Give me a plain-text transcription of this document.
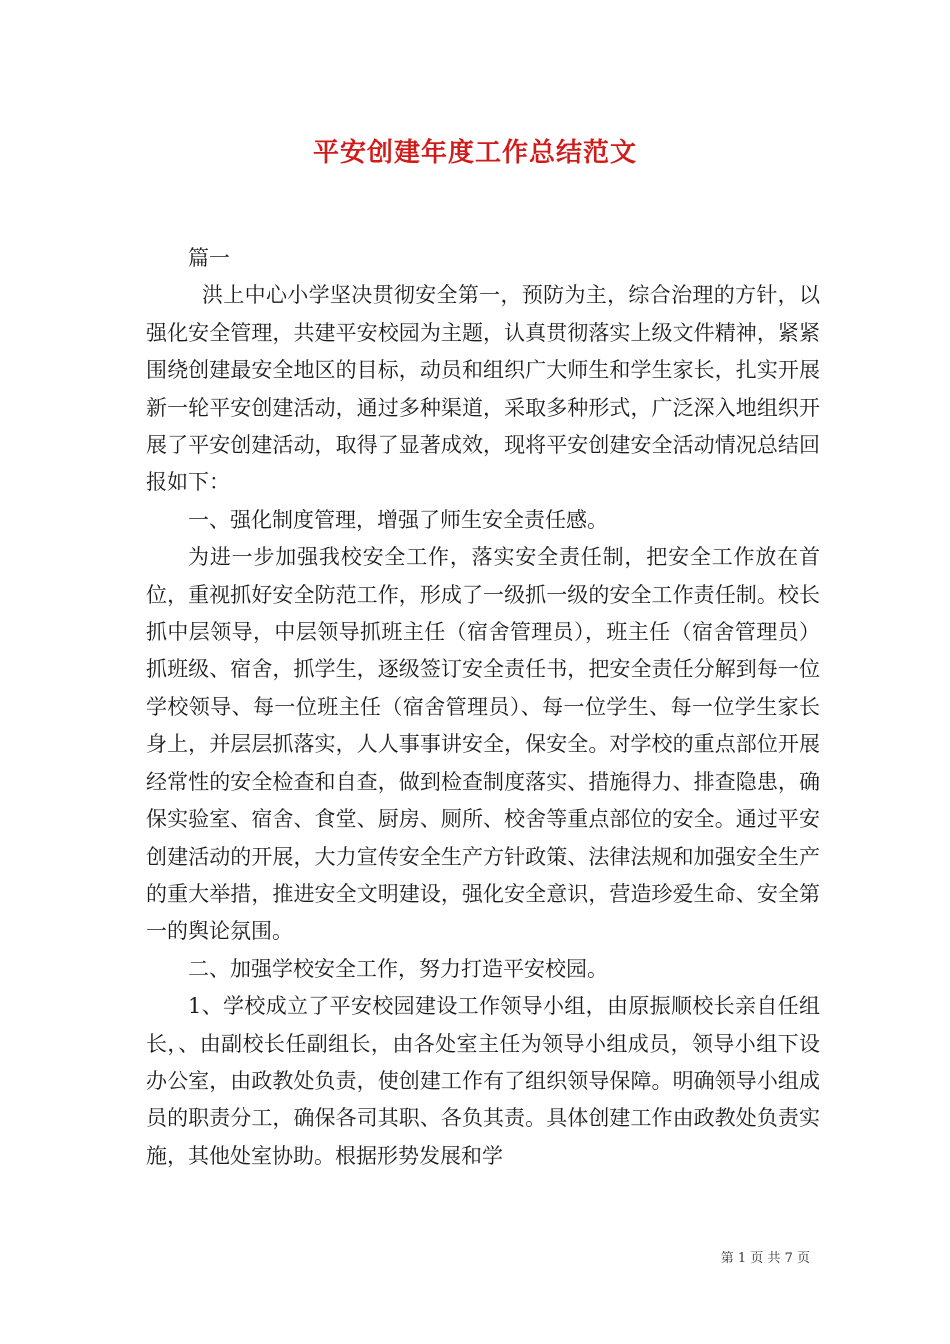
平安创建年度工作总结范文

篇一

洪上中心小学坚决贯彻安全第一，预防为主，综合治理的方针，以强化安全管理，共建平安校园为主题，认真贯彻落实上级文件精神，紧紧围绕创建最安全地区的目标，动员和组织广大师生和学生家长，扎实开展新一轮平安创建活动，通过多种渠道，采取多种形式，广泛深入地组织开展了平安创建活动，取得了显著成效，现将平安创建安全活动情况总结回报如下：

一、强化制度管理，增强了师生安全责任感。

为进一步加强我校安全工作，落实安全责任制，把安全工作放在首位，重视抓好安全防范工作，形成了一级抓一级的安全工作责任制。校长抓中层领导，中层领导抓班主任（宿舍管理员），班主任（宿舍管理员）抓班级、宿舍，抓学生，逐级签订安全责任书，把安全责任分解到每一位学校领导、每一位班主任（宿舍管理员）、每一位学生、每一位学生家长身上，并层层抓落实，人人事事讲安全，保安全。对学校的重点部位开展经常性的安全检查和自查，做到检查制度落实、措施得力、排查隐患，确保实验室、宿舍、食堂、厨房、厕所、校舍等重点部位的安全。通过平安创建活动的开展，大力宣传安全生产方针政策、法律法规和加强安全生产的重大举措，推进安全文明建设，强化安全意识，营造珍爱生命、安全第一的舆论氛围。

二、加强学校安全工作，努力打造平安校园。

1、学校成立了平安校园建设工作领导小组，由原振顺校长亲自任组长，、由副校长任副组长，由各处室主任为领导小组成员，领导小组下设办公室，由政教处负责，使创建工作有了组织领导保障。明确领导小组成员的职责分工，确保各司其职、各负其责。具体创建工作由政教处负责实施，其他处室协助。根据形势发展和学

第 1 页 共 7 页
